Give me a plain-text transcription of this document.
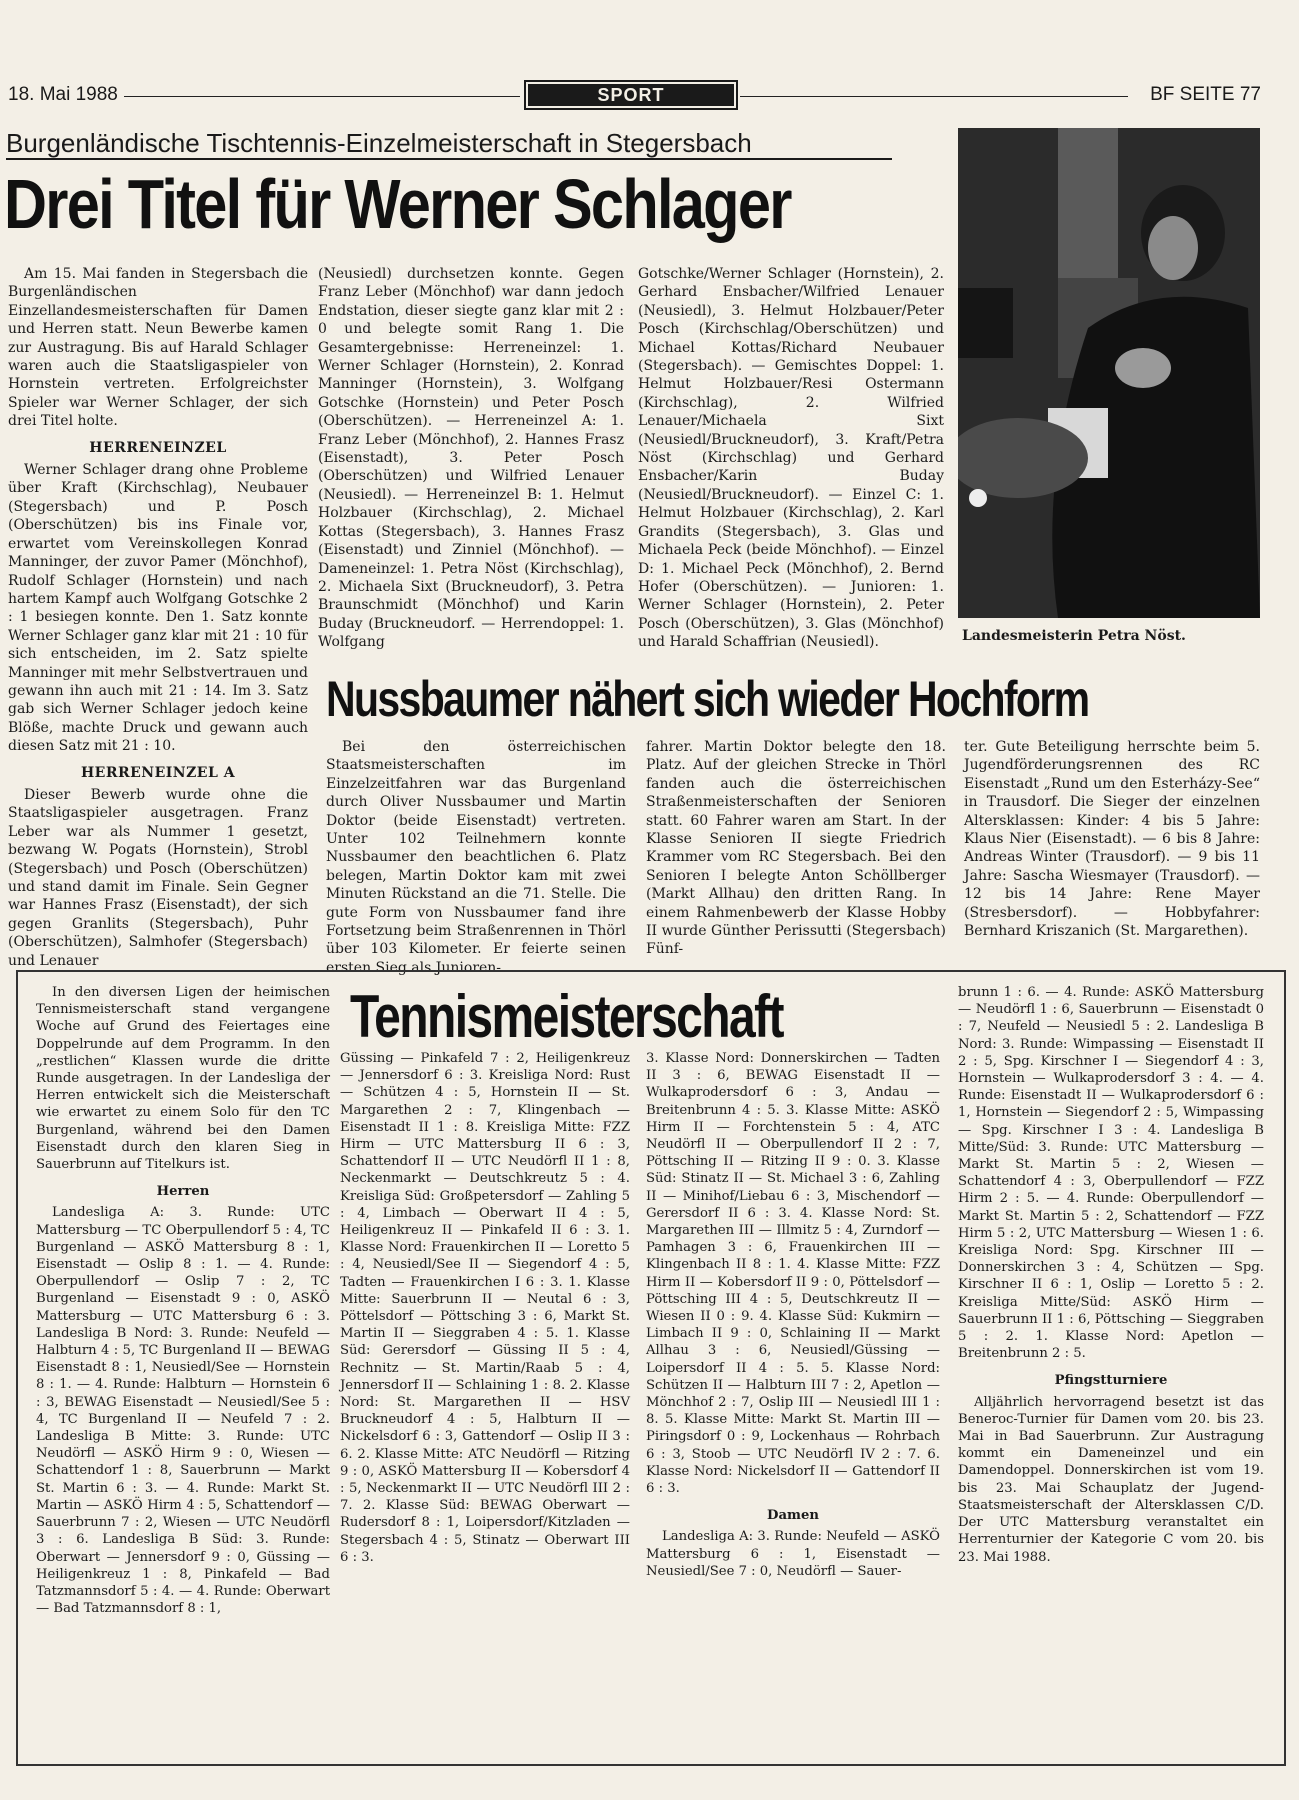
18. Mai 1988	SPORT	BF SEITE 77
Burgenländische Tischtennis-Einzelmeisterschaft in Stegersbach
Drei Titel für Werner Schlager

Am 15. Mai fanden in Stegersbach die Burgenländischen Einzellandesmeisterschaften für Damen und Herren statt. Neun Bewerbe kamen zur Austragung. Bis auf Harald Schlager waren auch die Staatsligaspieler von Hornstein vertreten. Erfolgreichster Spieler war Werner Schlager, der sich drei Titel holte.

HERRENEINZEL

Werner Schlager drang ohne Probleme über Kraft (Kirchschlag), Neubauer (Stegersbach) und P. Posch (Oberschützen) bis ins Finale vor, erwartet vom Vereinskollegen Konrad Manninger, der zuvor Pamer (Mönchhof), Rudolf Schlager (Hornstein) und nach hartem Kampf auch Wolfgang Gotschke 2 : 1 besiegen konnte. Den 1. Satz konnte Werner Schlager ganz klar mit 21 : 10 für sich entscheiden, im 2. Satz spielte Manninger mit mehr Selbstvertrauen und gewann ihn auch mit 21 : 14. Im 3. Satz gab sich Werner Schlager jedoch keine Blöße, machte Druck und gewann auch diesen Satz mit 21 : 10.

HERRENEINZEL A

Dieser Bewerb wurde ohne die Staatsligaspieler ausgetragen. Franz Leber war als Nummer 1 gesetzt, bezwang W. Pogats (Hornstein), Strobl (Stegersbach) und Posch (Oberschützen) und stand damit im Finale. Sein Gegner war Hannes Frasz (Eisenstadt), der sich gegen Granlits (Stegersbach), Puhr (Oberschützen), Salmhofer (Stegersbach) und Lenauer

(Neusiedl) durchsetzen konnte. Gegen Franz Leber (Mönchhof) war dann jedoch Endstation, dieser siegte ganz klar mit 2 : 0 und belegte somit Rang 1. Die Gesamtergebnisse: Herreneinzel: 1. Werner Schlager (Hornstein), 2. Konrad Manninger (Hornstein), 3. Wolfgang Gotschke (Hornstein) und Peter Posch (Oberschützen). — Herreneinzel A: 1. Franz Leber (Mönchhof), 2. Hannes Frasz (Eisenstadt), 3. Peter Posch (Oberschützen) und Wilfried Lenauer (Neusiedl). — Herreneinzel B: 1. Helmut Holzbauer (Kirchschlag), 2. Michael Kottas (Stegersbach), 3. Hannes Frasz (Eisenstadt) und Zinniel (Mönchhof). — Dameneinzel: 1. Petra Nöst (Kirchschlag), 2. Michaela Sixt (Bruckneudorf), 3. Petra Braunschmidt (Mönchhof) und Karin Buday (Bruckneudorf. — Herrendoppel: 1. Wolfgang

Gotschke/Werner Schlager (Hornstein), 2. Gerhard Ensbacher/Wilfried Lenauer (Neusiedl), 3. Helmut Holzbauer/Peter Posch (Kirchschlag/Oberschützen) und Michael Kottas/Richard Neubauer (Stegersbach). — Gemischtes Doppel: 1. Helmut Holzbauer/Resi Ostermann (Kirchschlag), 2. Wilfried Lenauer/Michaela Sixt (Neusiedl/Bruckneudorf), 3. Kraft/Petra Nöst (Kirchschlag) und Gerhard Ensbacher/Karin Buday (Neusiedl/Bruckneudorf). — Einzel C: 1. Helmut Holzbauer (Kirchschlag), 2. Karl Grandits (Stegersbach), 3. Glas und Michaela Peck (beide Mönchhof). — Einzel D: 1. Michael Peck (Mönchhof), 2. Bernd Hofer (Oberschützen). — Junioren: 1. Werner Schlager (Hornstein), 2. Peter Posch (Oberschützen), 3. Glas (Mönchhof) und Harald Schaffrian (Neusiedl).	Landesmeisterin Petra Nöst.
Nussbaumer nähert sich wieder Hochform

Bei den österreichischen Staatsmeisterschaften im Einzelzeitfahren war das Burgenland durch Oliver Nussbaumer und Martin Doktor (beide Eisenstadt) vertreten. Unter 102 Teilnehmern konnte Nussbaumer den beachtlichen 6. Platz belegen, Martin Doktor kam mit zwei Minuten Rückstand an die 71. Stelle. Die gute Form von Nussbaumer fand ihre Fortsetzung beim Straßenrennen in Thörl über 103 Kilometer. Er feierte seinen ersten Sieg als Junioren-

fahrer. Martin Doktor belegte den 18. Platz. Auf der gleichen Strecke in Thörl fanden auch die österreichischen Straßenmeisterschaften der Senioren statt. 60 Fahrer waren am Start. In der Klasse Senioren II siegte Friedrich Krammer vom RC Stegersbach. Bei den Senioren I belegte Anton Schöllberger (Markt Allhau) den dritten Rang. In einem Rahmenbewerb der Klasse Hobby II wurde Günther Perissutti (Stegersbach) Fünf-

ter. Gute Beteiligung herrschte beim 5. Jugendförderungsrennen des RC Eisenstadt „Rund um den Esterházy-See“ in Trausdorf. Die Sieger der einzelnen Altersklassen: Kinder: 4 bis 5 Jahre: Klaus Nier (Eisenstadt). — 6 bis 8 Jahre: Andreas Winter (Trausdorf). — 9 bis 11 Jahre: Sascha Wiesmayer (Trausdorf). — 12 bis 14 Jahre: Rene Mayer (Stresbersdorf). — Hobbyfahrer: Bernhard Kriszanich (St. Margarethen).

Tennismeisterschaft

In den diversen Ligen der heimischen Tennismeisterschaft stand vergangene Woche auf Grund des Feiertages eine Doppelrunde auf dem Programm. In den „restlichen“ Klassen wurde die dritte Runde ausgetragen. In der Landesliga der Herren entwickelt sich die Meisterschaft wie erwartet zu einem Solo für den TC Burgenland, während bei den Damen Eisenstadt durch den klaren Sieg in Sauerbrunn auf Titelkurs ist.

Herren

Landesliga A: 3. Runde: UTC Mattersburg — TC Oberpullendorf 5 : 4, TC Burgenland — ASKÖ Mattersburg 8 : 1, Eisenstadt — Oslip 8 : 1. — 4. Runde: Oberpullendorf — Oslip 7 : 2, TC Burgenland — Eisenstadt 9 : 0, ASKÖ Mattersburg — UTC Mattersburg 6 : 3. Landesliga B Nord: 3. Runde: Neufeld — Halbturn 4 : 5, TC Burgenland II — BEWAG Eisenstadt 8 : 1, Neusiedl/See — Hornstein 8 : 1. — 4. Runde: Halbturn — Hornstein 6 : 3, BEWAG Eisenstadt — Neusiedl/See 5 : 4, TC Burgenland II — Neufeld 7 : 2. Landesliga B Mitte: 3. Runde: UTC Neudörfl — ASKÖ Hirm 9 : 0, Wiesen — Schattendorf 1 : 8, Sauerbrunn — Markt St. Martin 6 : 3. — 4. Runde: Markt St. Martin — ASKÖ Hirm 4 : 5, Schattendorf — Sauerbrunn 7 : 2, Wiesen — UTC Neudörfl 3 : 6. Landesliga B Süd: 3. Runde: Oberwart — Jennersdorf 9 : 0, Güssing — Heiligenkreuz 1 : 8, Pinkafeld — Bad Tatzmannsdorf 5 : 4. — 4. Runde: Oberwart — Bad Tatzmannsdorf 8 : 1,

Güssing — Pinkafeld 7 : 2, Heiligenkreuz — Jennersdorf 6 : 3. Kreisliga Nord: Rust — Schützen 4 : 5, Hornstein II — St. Margarethen 2 : 7, Klingenbach — Eisenstadt II 1 : 8. Kreisliga Mitte: FZZ Hirm — UTC Mattersburg II 6 : 3, Schattendorf II — UTC Neudörfl II 1 : 8, Neckenmarkt — Deutschkreutz 5 : 4. Kreisliga Süd: Großpetersdorf — Zahling 5 : 4, Limbach — Oberwart II 4 : 5, Heiligenkreuz II — Pinkafeld II 6 : 3. 1. Klasse Nord: Frauenkirchen II — Loretto 5 : 4, Neusiedl/See II — Siegendorf 4 : 5, Tadten — Frauenkirchen I 6 : 3. 1. Klasse Mitte: Sauerbrunn II — Neutal 6 : 3, Pöttelsdorf — Pöttsching 3 : 6, Markt St. Martin II — Sieggraben 4 : 5. 1. Klasse Süd: Gerersdorf — Güssing II 5 : 4, Rechnitz — St. Martin/Raab 5 : 4, Jennersdorf II — Schlaining 1 : 8. 2. Klasse Nord: St. Margarethen II — HSV Bruckneudorf 4 : 5, Halbturn II — Nickelsdorf 6 : 3, Gattendorf — Oslip II 3 : 6. 2. Klasse Mitte: ATC Neudörfl — Ritzing 9 : 0, ASKÖ Mattersburg II — Kobersdorf 4 : 5, Neckenmarkt II — UTC Neudörfl III 2 : 7. 2. Klasse Süd: BEWAG Oberwart — Rudersdorf 8 : 1, Loipersdorf/Kitzladen — Stegersbach 4 : 5, Stinatz — Oberwart III 6 : 3.

3. Klasse Nord: Donnerskirchen — Tadten II 3 : 6, BEWAG Eisenstadt II — Wulkaprodersdorf 6 : 3, Andau — Breitenbrunn 4 : 5. 3. Klasse Mitte: ASKÖ Hirm II — Forchtenstein 5 : 4, ATC Neudörfl II — Oberpullendorf II 2 : 7, Pöttsching II — Ritzing II 9 : 0. 3. Klasse Süd: Stinatz II — St. Michael 3 : 6, Zahling II — Minihof/Liebau 6 : 3, Mischendorf — Gerersdorf II 6 : 3. 4. Klasse Nord: St. Margarethen III — Illmitz 5 : 4, Zurndorf — Pamhagen 3 : 6, Frauenkirchen III — Klingenbach II 8 : 1. 4. Klasse Mitte: FZZ Hirm II — Kobersdorf II 9 : 0, Pöttelsdorf — Pöttsching III 4 : 5, Deutschkreutz II — Wiesen II 0 : 9. 4. Klasse Süd: Kukmirn — Limbach II 9 : 0, Schlaining II — Markt Allhau 3 : 6, Neusiedl/Güssing — Loipersdorf II 4 : 5. 5. Klasse Nord: Schützen II — Halbturn III 7 : 2, Apetlon — Mönchhof 2 : 7, Oslip III — Neusiedl III 1 : 8. 5. Klasse Mitte: Markt St. Martin III — Piringsdorf 0 : 9, Lockenhaus — Rohrbach 6 : 3, Stoob — UTC Neudörfl IV 2 : 7. 6. Klasse Nord: Nickelsdorf II — Gattendorf II 6 : 3.

Damen

Landesliga A: 3. Runde: Neufeld — ASKÖ Mattersburg 6 : 1, Eisenstadt — Neusiedl/See 7 : 0, Neudörfl — Sauer-

brunn 1 : 6. — 4. Runde: ASKÖ Mattersburg — Neudörfl 1 : 6, Sauerbrunn — Eisenstadt 0 : 7, Neufeld — Neusiedl 5 : 2. Landesliga B Nord: 3. Runde: Wimpassing — Eisenstadt II 2 : 5, Spg. Kirschner I — Siegendorf 4 : 3, Hornstein — Wulkaprodersdorf 3 : 4. — 4. Runde: Eisenstadt II — Wulkaprodersdorf 6 : 1, Hornstein — Siegendorf 2 : 5, Wimpassing — Spg. Kirschner I 3 : 4. Landesliga B Mitte/Süd: 3. Runde: UTC Mattersburg — Markt St. Martin 5 : 2, Wiesen — Schattendorf 4 : 3, Oberpullendorf — FZZ Hirm 2 : 5. — 4. Runde: Oberpullendorf — Markt St. Martin 5 : 2, Schattendorf — FZZ Hirm 5 : 2, UTC Mattersburg — Wiesen 1 : 6. Kreisliga Nord: Spg. Kirschner III — Donnerskirchen 3 : 4, Schützen — Spg. Kirschner II 6 : 1, Oslip — Loretto 5 : 2. Kreisliga Mitte/Süd: ASKÖ Hirm — Sauerbrunn II 1 : 6, Pöttsching — Sieggraben 5 : 2. 1. Klasse Nord: Apetlon — Breitenbrunn 2 : 5.

Pfingstturniere

Alljährlich hervorragend besetzt ist das Beneroc-Turnier für Damen vom 20. bis 23. Mai in Bad Sauerbrunn. Zur Austragung kommt ein Dameneinzel und ein Damendoppel. Donnerskirchen ist vom 19. bis 23. Mai Schauplatz der Jugend-Staatsmeisterschaft der Altersklassen C/D. Der UTC Mattersburg veranstaltet ein Herrenturnier der Kategorie C vom 20. bis 23. Mai 1988.
